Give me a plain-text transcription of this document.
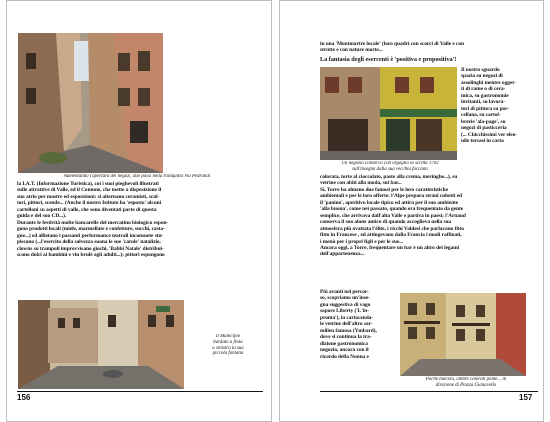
Aumentando l'apertura dei negozi, due passi nella tranquilla Via Pedrandi
la I.A.T. (Informazione Turistica), coi i suoi pieghevoli illustrati
sulle attrattive di Valle, ed il Comune, che mette a disposizione il
suo atrio per mostre ed esposizioni: si alternano ceramisti, scul-
tori, pittori, scende... (Anche il nostro Istituto ha 'esposto' alcuni
cartelloni su aspetti di valle, che sono diventati parte di questa
guida e del suo CD...).
Durante le festività molte bancarelle del mercatino biologico espon-
gono prodotti locali (miele, marmellate e confetture, succhi, casta-
gne...) ed allietano i passanti performance teatrali inconsuete stu-
piscono (...l'esercito della salvezza suona le sue 'carole' natalizie,
clowns su trampoli improvvisano giochi, 'Babbi Natale' distribui-
scono dolci ai bambini e vin brulè agli adulti...); pittori espongono
Il Municipio
bardato a festa
a sinistra la sua
piccola fontana
156
in una 'Montmartre locale' (loro quadri con scorci di Valle e con
strutte e con nature morte...
La fantasia degli esercenti è 'positiva e propositiva'!
Il nostro sguardo
spazia su negozi di
assolinghi mentre ogget-
ti di rame o di cera-
mica, su gastronomie
invitanti, su lavora-
tori di pittura su por-
cellana, su cartol-
brerie 'ala-page', su
negozi di pasticceria
(... Chicchissimi ver eleo-
nile tersasi in carta
Un negozio conserva con orgoglio la scritta 1702
sull'insegna dalla sua vecchia facciata
colorata, torte al cioccolato, paste alla crema, meringhe...), su
vetrine con abiti alla moda, sui bar...
Sì, Torre ha almeno due famosi per le loro caratteristiche
ambientali e per le loro offerte: l'Alpe prepara strani cubetti ed
il 'panino', aperitivo locale tipico ed attira per il suo ambiente
'alla buona', come nei passato, quando era frequentato da gente
semplice, che arrivava dall'alta Valle e partiva in paesi; l'Arnaud
conserva il suo alone antico di quando accoglieva nella sua
atmosfera più ovattata l'élite, i ricchi Valdesi che parlavano fitto
fitto in Francese , ed attingevano dalla Francia i modi raffinati,
i menù per i propri figli e per le sue...
Ancora oggi, a Torre, frequentare un bar è un altro dei legami
dell'appartenenza...
Più avanti nel percor-
so, scopriamo un'inse-
gna suggestiva di vago
sapore Liberty ('L'in-
pronta'), la cartocenda-
le vetrine dell'altro sar-
milieu famosa (Ymbard),
dove si continua la tra-
dizione gastronomica
negozio, ancora con il
ricordo della Nonna e
Poche balconi, ombre colorati ponte... in
direzione di Piazza Gianavello
157
